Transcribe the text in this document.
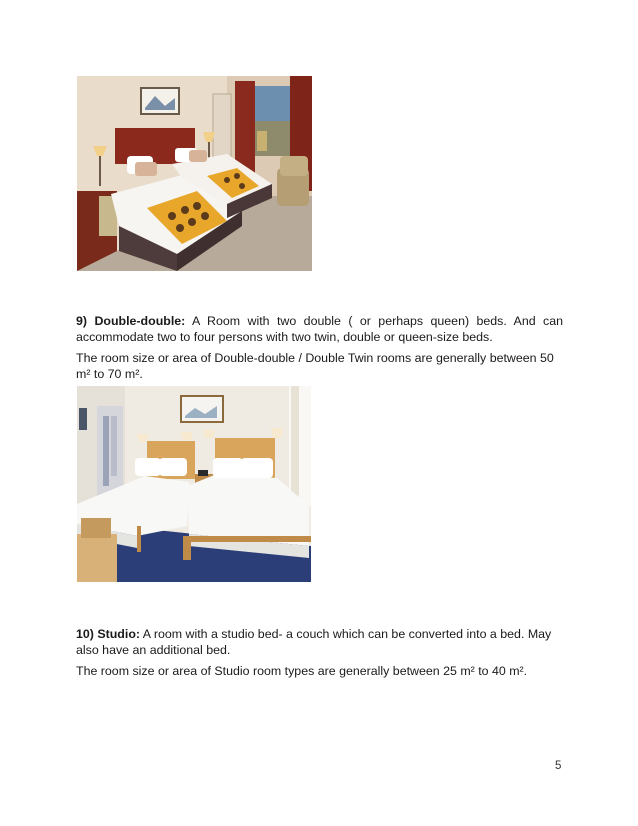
9) Double-double: A Room with two double ( or perhaps queen) beds. And can accommodate two to four persons with two twin, double or queen-size beds.

The room size or area of Double-double / Double Twin rooms are generally between 50 m² to 70 m².

10) Studio: A room with a studio bed- a couch which can be converted into a bed. May also have an additional bed.

The room size or area of Studio room types are generally between 25 m² to 40 m².

5
